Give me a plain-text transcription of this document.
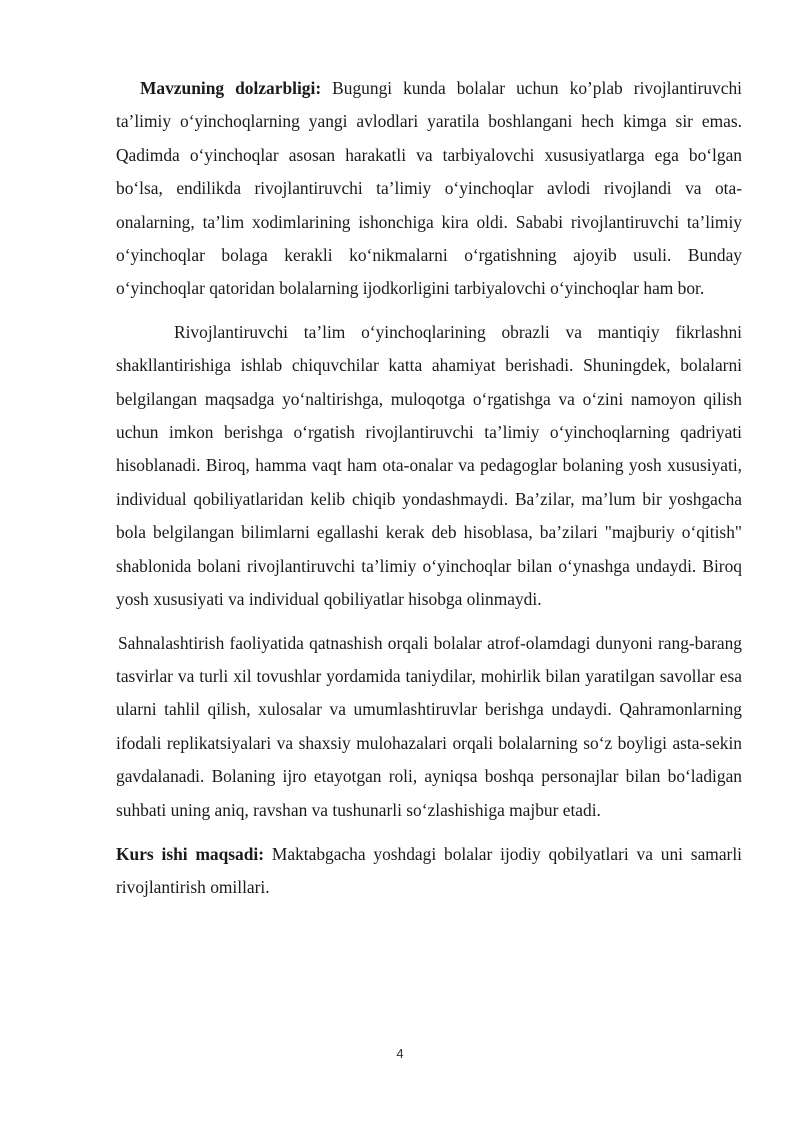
Mavzuning dolzarbligi: Bugungi kunda bolalar uchun ko’plab rivojlantiruvchi ta’limiy o‘yinchoqlarning yangi avlodlari yaratila boshlangani hech kimga sir emas. Qadimda o‘yinchoqlar asosan harakatli va tarbiyalovchi xususiyatlarga ega bo‘lgan bo‘lsa, endilikda rivojlantiruvchi ta’limiy o‘yinchoqlar avlodi rivojlandi va ota-onalarning, ta’lim xodimlarining ishonchiga kira oldi. Sababi rivojlantiruvchi ta’limiy o‘yinchoqlar bolaga kerakli ko‘nikmalarni o‘rgatishning ajoyib usuli. Bunday o‘yinchoqlar qatoridan bolalarning ijodkorligini tarbiyalovchi o‘yinchoqlar ham bor.

Rivojlantiruvchi ta’lim o‘yinchoqlarining obrazli va mantiqiy fikrlashni shakllantirishiga ishlab chiquvchilar katta ahamiyat berishadi. Shuningdek, bolalarni belgilangan maqsadga yo‘naltirishga, muloqotga o‘rgatishga va o‘zini namoyon qilish uchun imkon berishga o‘rgatish rivojlantiruvchi ta’limiy o‘yinchoqlarning qadriyati hisoblanadi. Biroq, hamma vaqt ham ota-onalar va pedagoglar bolaning yosh xususiyati, individual qobiliyatlaridan kelib chiqib yondashmaydi. Ba’zilar, ma’lum bir yoshgacha bola belgilangan bilimlarni egallashi kerak deb hisoblasa, ba’zilari "majburiy o‘qitish" shablonida bolani rivojlantiruvchi ta’limiy o‘yinchoqlar bilan o‘ynashga undaydi. Biroq yosh xususiyati va individual qobiliyatlar hisobga olinmaydi.

Sahnalashtirish faoliyatida qatnashish orqali bolalar atrof-olamdagi dunyoni rang-barang tasvirlar va turli xil tovushlar yordamida taniydilar, mohirlik bilan yaratilgan savollar esa ularni tahlil qilish, xulosalar va umumlashtiruvlar berishga undaydi. Qahramonlarning ifodali replikatsiyalari va shaxsiy mulohazalari orqali bolalarning so‘z boyligi asta-sekin gavdalanadi. Bolaning ijro etayotgan roli, ayniqsa boshqa personajlar bilan bo‘ladigan suhbati uning aniq, ravshan va tushunarli so‘zlashishiga majbur etadi.

Kurs ishi maqsadi: Maktabgacha yoshdagi bolalar ijodiy qobilyatlari va uni samarli rivojlantirish omillari.

4
